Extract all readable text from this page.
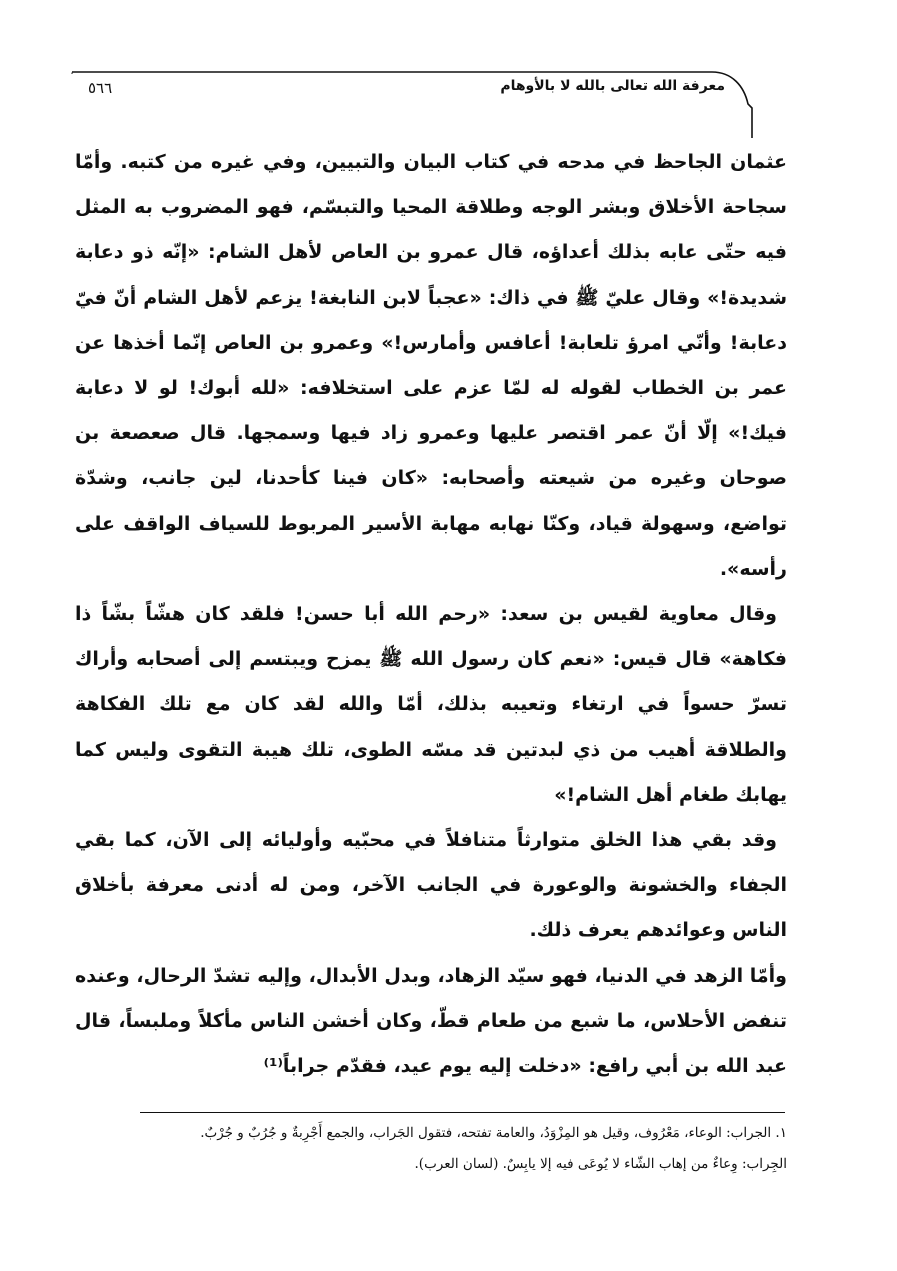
معرفة الله تعالى بالله لا بالأوهام
٥٦٦

عثمان الجاحظ في مدحه في كتاب البيان والتبيين، وفي غيره من كتبه. وأمّا سجاحة الأخلاق وبشر الوجه وطلاقة المحيا والتبسّم، فهو المضروب به المثل فيه حتّى عابه بذلك أعداؤه، قال عمرو بن العاص لأهل الشام: «إنّه ذو دعابة شديدة!» وقال عليّ ﷺ في ذاك: «عجباً لابن النابغة! يزعم لأهل الشام أنّ فيّ دعابة! وأنّي امرؤ تلعابة! أعافس وأمارس!» وعمرو بن العاص إنّما أخذها عن عمر بن الخطاب لقوله له لمّا عزم على استخلافه: «لله أبوك! لو لا دعابة فيك!» إلّا أنّ عمر اقتصر عليها وعمرو زاد فيها وسمجها. قال صعصعة بن صوحان وغيره من شيعته وأصحابه: «كان فينا كأحدنا، لين جانب، وشدّة تواضع، وسهولة قياد، وكنّا نهابه مهابة الأسير المربوط للسياف الواقف على رأسه».

وقال معاوية لقيس بن سعد: «رحم الله أبا حسن! فلقد كان هشّاً بشّاً ذا فكاهة» قال قيس: «نعم كان رسول الله ﷺ يمزح ويبتسم إلى أصحابه وأراك تسرّ حسواً في ارتغاء وتعيبه بذلك، أمّا والله لقد كان مع تلك الفكاهة والطلاقة أهيب من ذي لبدتين قد مسّه الطوى، تلك هيبة التقوى وليس كما يهابك طغام أهل الشام!»

وقد بقي هذا الخلق متوارثاً متنافلاً في محبّيه وأوليائه إلى الآن، كما بقي الجفاء والخشونة والوعورة في الجانب الآخر، ومن له أدنى معرفة بأخلاق الناس وعوائدهم يعرف ذلك.

وأمّا الزهد في الدنيا، فهو سيّد الزهاد، وبدل الأبدال، وإليه تشدّ الرحال، وعنده تنفض الأحلاس، ما شبع من طعام قطّ، وكان أخشن الناس مأكلاً وملبساً، قال عبد الله بن أبي رافع: «دخلت إليه يوم عيد، فقدّم جراباً⁽¹⁾

١. الجراب: الوعاء، مَعْرُوف، وقيل هو المِزْوَدُ، والعامة تفتحه، فتقول الجَراب، والجمع أَجْرِبةٌ و جُرُبٌ و جُرْبٌ.

الجِراب: وِعاءٌ من إهاب الشّاء لا يُوعَى فيه إلا يابِسٌ. (لسان العرب).
